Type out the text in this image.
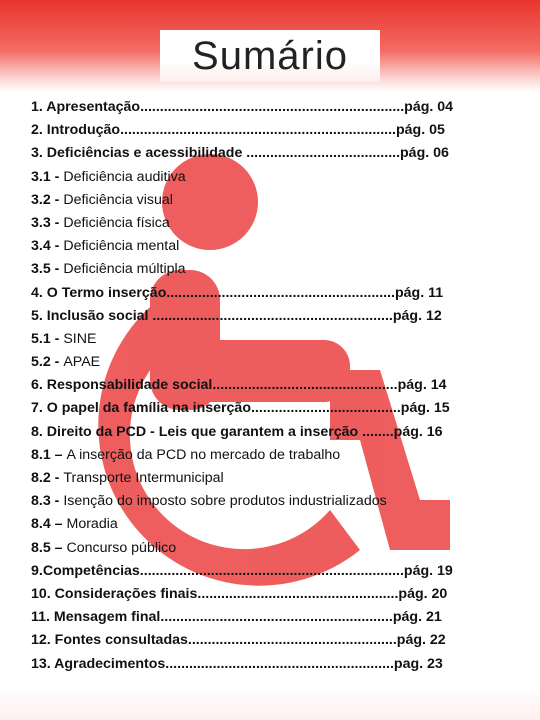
Sumário
1. Apresentação...................................................................pág. 04
2. Introdução......................................................................pág. 05
3. Deficiências e acessibilidade .......................................pág. 06
3.1 - Deficiência auditiva
3.2 - Deficiência visual
3.3 - Deficiência física
3.4 - Deficiência mental
3.5 - Deficiência múltipla
4. O Termo inserção..........................................................pág. 11
5. Inclusão social .............................................................pág. 12
5.1 - SINE
5.2 - APAE
6. Responsabilidade social...............................................pág. 14
7. O papel da família na inserção......................................pág. 15
8. Direito da PCD - Leis que garantem a inserção ........pág. 16
8.1 – A inserção da PCD no mercado de trabalho
8.2 - Transporte Intermunicipal
8.3 - Isenção do imposto sobre produtos industrializados
8.4 – Moradia
8.5 – Concurso público
9.Competências...................................................................pág. 19
10. Considerações finais...................................................pág. 20
11. Mensagem final...........................................................pág. 21
12. Fontes consultadas.....................................................pág. 22
13. Agradecimentos..........................................................pag. 23
